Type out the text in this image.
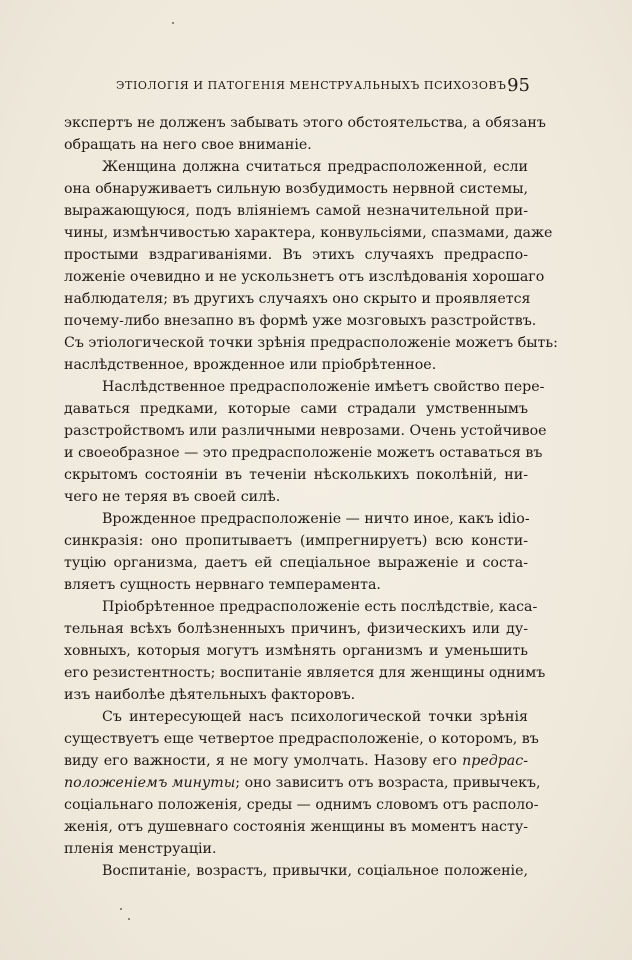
ЭТІОЛОГІЯ И ПАТОГЕНІЯ МЕНСТРУАЛЬНЫХЪ ПСИХОЗОВЪ 95
экспертъ не долженъ забывать этого обстоятельства, а обязанъ
обращать на него свое вниманіе.
Женщина должна считаться предрасположенной, если
она обнаруживаетъ сильную возбудимость нервной системы,
выражающуюся, подъ вліяніемъ самой незначительной при-
чины, измѣнчивостью характера, конвульсіями, спазмами, даже
простыми вздрагиваніями. Въ этихъ случаяхъ предраспо-
ложеніе очевидно и не ускользнетъ отъ изслѣдованія хорошаго
наблюдателя; въ другихъ случаяхъ оно скрыто и проявляется
почему-либо внезапно въ формѣ уже мозговыхъ разстройствъ.
Съ этіологической точки зрѣнія предрасположеніе можетъ быть:
наслѣдственное, врожденное или пріобрѣтенное.
Наслѣдственное предрасположеніе имѣетъ свойство пере-
даваться предками, которые сами страдали умственнымъ
разстройствомъ или различными неврозами. Очень устойчивое
и своеобразное — это предрасположеніе можетъ оставаться въ
скрытомъ состояніи въ теченіи нѣсколькихъ поколѣній, ни-
чего не теряя въ своей силѣ.
Врожденное предрасположеніе — ничто иное, какъ idio-
синкразія: оно пропитываетъ (импрегнируетъ) всю консти-
туцію организма, даетъ ей спеціальное выраженіе и соста-
вляетъ сущность нервнаго темперамента.
Пріобрѣтенное предрасположеніе есть послѣдствіе, каса-
тельная всѣхъ болѣзненныхъ причинъ, физическихъ или ду-
ховныхъ, которыя могутъ измѣнять организмъ и уменьшить
его резистентность; воспитаніе является для женщины однимъ
изъ наиболѣе дѣятельныхъ факторовъ.
Съ интересующей насъ психологической точки зрѣнія
существуетъ еще четвертое предрасположеніе, о которомъ, въ
виду его важности, я не могу умолчать. Назову его предрас-
положеніемъ минуты; оно зависитъ отъ возраста, привычекъ,
соціальнаго положенія, среды — однимъ словомъ отъ располо-
женія, отъ душевнаго состоянія женщины въ моментъ насту-
пленія менструаціи.
Воспитаніе, возрастъ, привычки, соціальное положеніе,
